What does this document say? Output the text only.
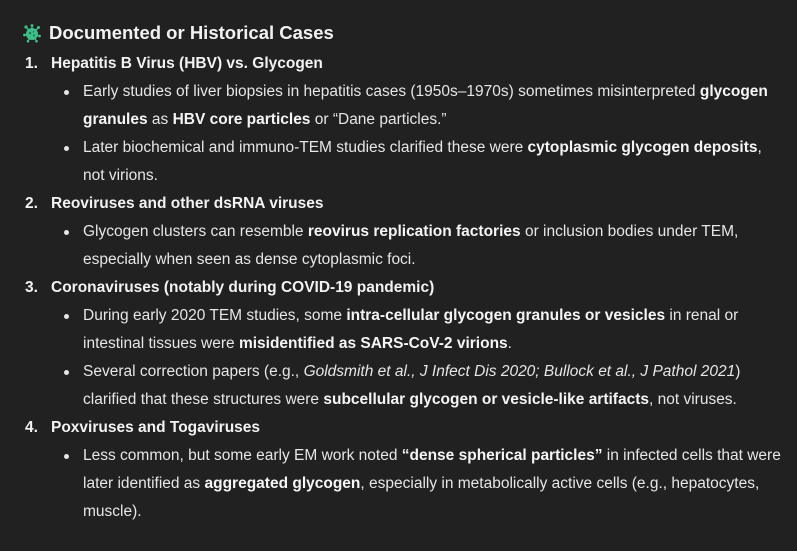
Documented or Historical Cases
1. Hepatitis B Virus (HBV) vs. Glycogen
Early studies of liver biopsies in hepatitis cases (1950s–1970s) sometimes misinterpreted glycogen granules as HBV core particles or “Dane particles.”
Later biochemical and immuno-TEM studies clarified these were cytoplasmic glycogen deposits, not virions.
2. Reoviruses and other dsRNA viruses
Glycogen clusters can resemble reovirus replication factories or inclusion bodies under TEM, especially when seen as dense cytoplasmic foci.
3. Coronaviruses (notably during COVID-19 pandemic)
During early 2020 TEM studies, some intra-cellular glycogen granules or vesicles in renal or intestinal tissues were misidentified as SARS-CoV-2 virions.
Several correction papers (e.g., Goldsmith et al., J Infect Dis 2020; Bullock et al., J Pathol 2021) clarified that these structures were subcellular glycogen or vesicle-like artifacts, not viruses.
4. Poxviruses and Togaviruses
Less common, but some early EM work noted “dense spherical particles” in infected cells that were later identified as aggregated glycogen, especially in metabolically active cells (e.g., hepatocytes, muscle).
